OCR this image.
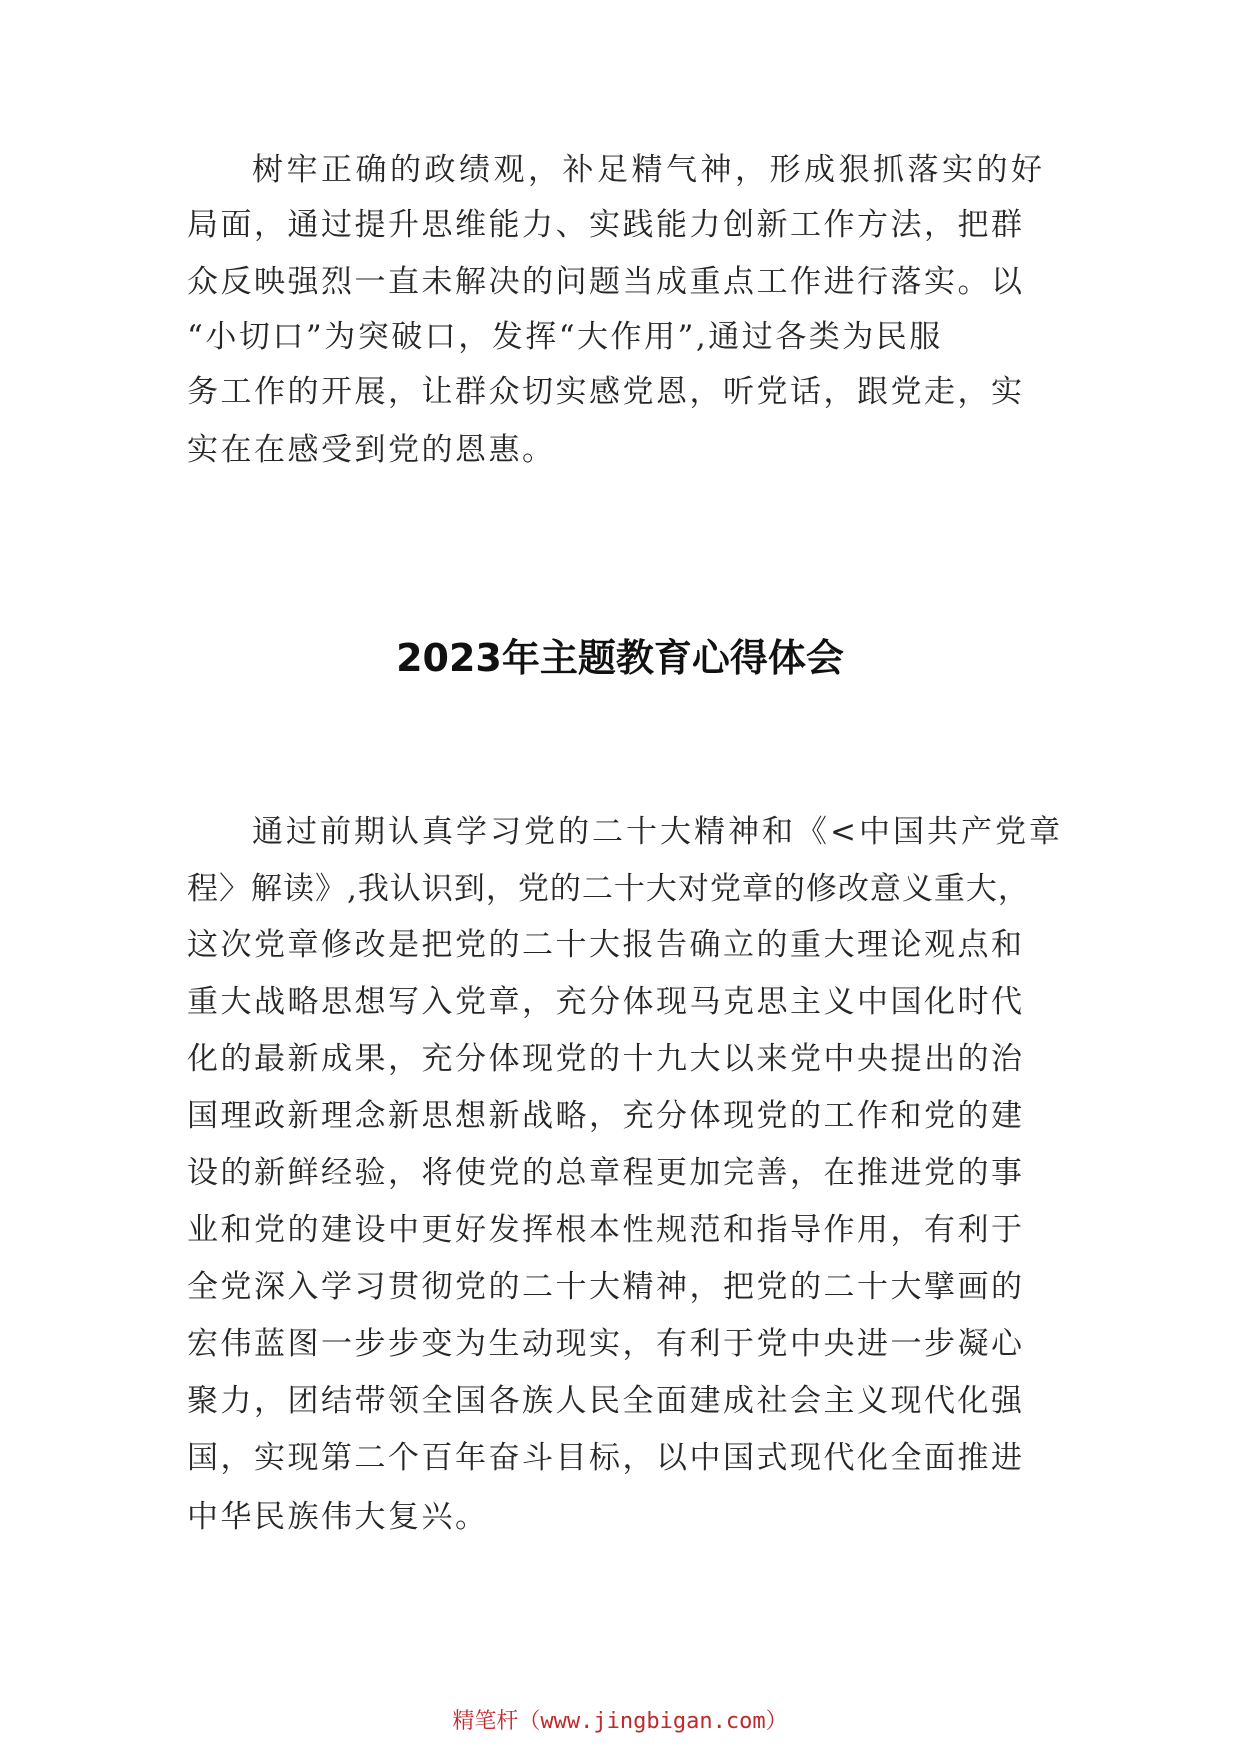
树牢正确的政绩观，补足精气神，形成狠抓落实的好
局面，通过提升思维能力、实践能力创新工作方法，把群
众反映强烈一直未解决的问题当成重点工作进行落实。以
“小切口”为突破口，发挥“大作用”,通过各类为民服
务工作的开展，让群众切实感党恩，听党话，跟党走，实
实在在感受到党的恩惠。
2023年主题教育心得体会
通过前期认真学习党的二十大精神和《<中国共产党章
程〉解读》,我认识到，党的二十大对党章的修改意义重大，
这次党章修改是把党的二十大报告确立的重大理论观点和
重大战略思想写入党章，充分体现马克思主义中国化时代
化的最新成果，充分体现党的十九大以来党中央提出的治
国理政新理念新思想新战略，充分体现党的工作和党的建
设的新鲜经验，将使党的总章程更加完善，在推进党的事
业和党的建设中更好发挥根本性规范和指导作用，有利于
全党深入学习贯彻党的二十大精神，把党的二十大擘画的
宏伟蓝图一步步变为生动现实，有利于党中央进一步凝心
聚力，团结带领全国各族人民全面建成社会主义现代化强
国，实现第二个百年奋斗目标，以中国式现代化全面推进
中华民族伟大复兴。
精笔杆（www.jingbigan.com）
